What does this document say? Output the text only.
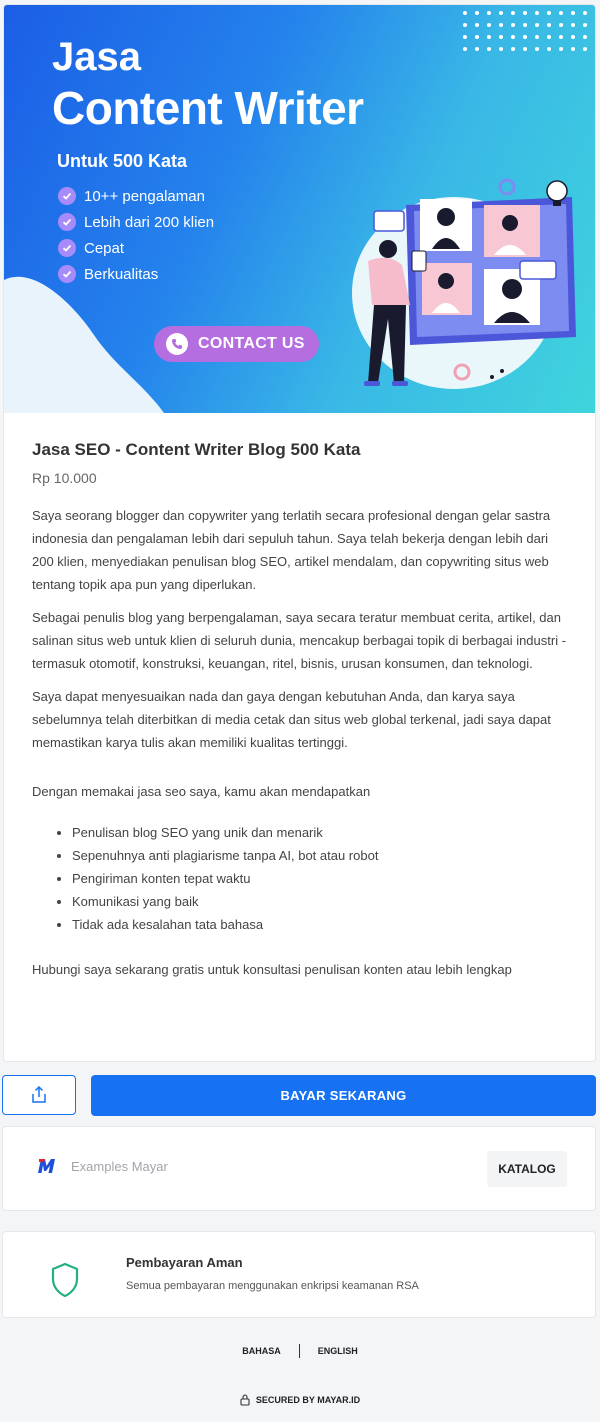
Jasa
Content Writer
Untuk 500 Kata
10++ pengalaman
Lebih dari 200 klien
Cepat
Berkualitas
CONTACT US
Jasa SEO - Content Writer Blog 500 Kata
Rp 10.000

Saya seorang blogger dan copywriter yang terlatih secara profesional dengan gelar sastra indonesia dan pengalaman lebih dari sepuluh tahun. Saya telah bekerja dengan lebih dari 200 klien, menyediakan penulisan blog SEO, artikel mendalam, dan copywriting situs web tentang topik apa pun yang diperlukan.

Sebagai penulis blog yang berpengalaman, saya secara teratur membuat cerita, artikel, dan salinan situs web untuk klien di seluruh dunia, mencakup berbagai topik di berbagai industri - termasuk otomotif, konstruksi, keuangan, ritel, bisnis, urusan konsumen, dan teknologi.

Saya dapat menyesuaikan nada dan gaya dengan kebutuhan Anda, dan karya saya sebelumnya telah diterbitkan di media cetak dan situs web global terkenal, jadi saya dapat memastikan karya tulis akan memiliki kualitas tertinggi.

Dengan memakai jasa seo saya, kamu akan mendapatkan

• Penulisan blog SEO yang unik dan menarik
• Sepenuhnya anti plagiarisme tanpa AI, bot atau robot
• Pengiriman konten tepat waktu
• Komunikasi yang baik
• Tidak ada kesalahan tata bahasa

Hubungi saya sekarang gratis untuk konsultasi penulisan konten atau lebih lengkap

BAYAR SEKARANG
Examples Mayar	KATALOG
Pembayaran Aman
Semua pembayaran menggunakan enkripsi keamanan RSA
BAHASA	ENGLISH
SECURED BY MAYAR.ID
